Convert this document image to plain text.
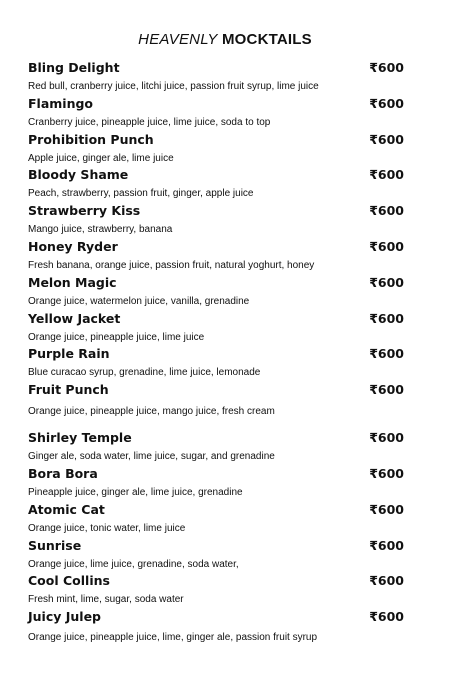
HEAVENLY MOCKTAILS
Bling Delight	₹600
Red bull, cranberry juice, litchi juice, passion fruit syrup, lime juice
Flamingo	₹600
Cranberry juice, pineapple juice, lime juice, soda to top
Prohibition Punch	₹600
Apple juice, ginger ale, lime juice
Bloody Shame	₹600
Peach, strawberry, passion fruit, ginger, apple juice
Strawberry Kiss	₹600
Mango juice, strawberry, banana
Honey Ryder	₹600
Fresh banana, orange juice, passion fruit, natural yoghurt, honey
Melon Magic	₹600
Orange juice, watermelon juice, vanilla, grenadine
Yellow Jacket	₹600
Orange juice, pineapple juice, lime juice
Purple Rain	₹600
Blue curacao syrup, grenadine, lime juice, lemonade
Fruit Punch	₹600
Orange juice, pineapple juice, mango juice, fresh cream
Shirley Temple	₹600
Ginger ale, soda water, lime juice, sugar, and grenadine
Bora Bora	₹600
Pineapple juice, ginger ale, lime juice, grenadine
Atomic Cat	₹600
Orange juice, tonic water, lime juice
Sunrise	₹600
Orange juice, lime juice, grenadine, soda water,
Cool Collins	₹600
Fresh mint, lime, sugar, soda water
Juicy Julep	₹600
Orange juice, pineapple juice, lime, ginger ale, passion fruit syrup
